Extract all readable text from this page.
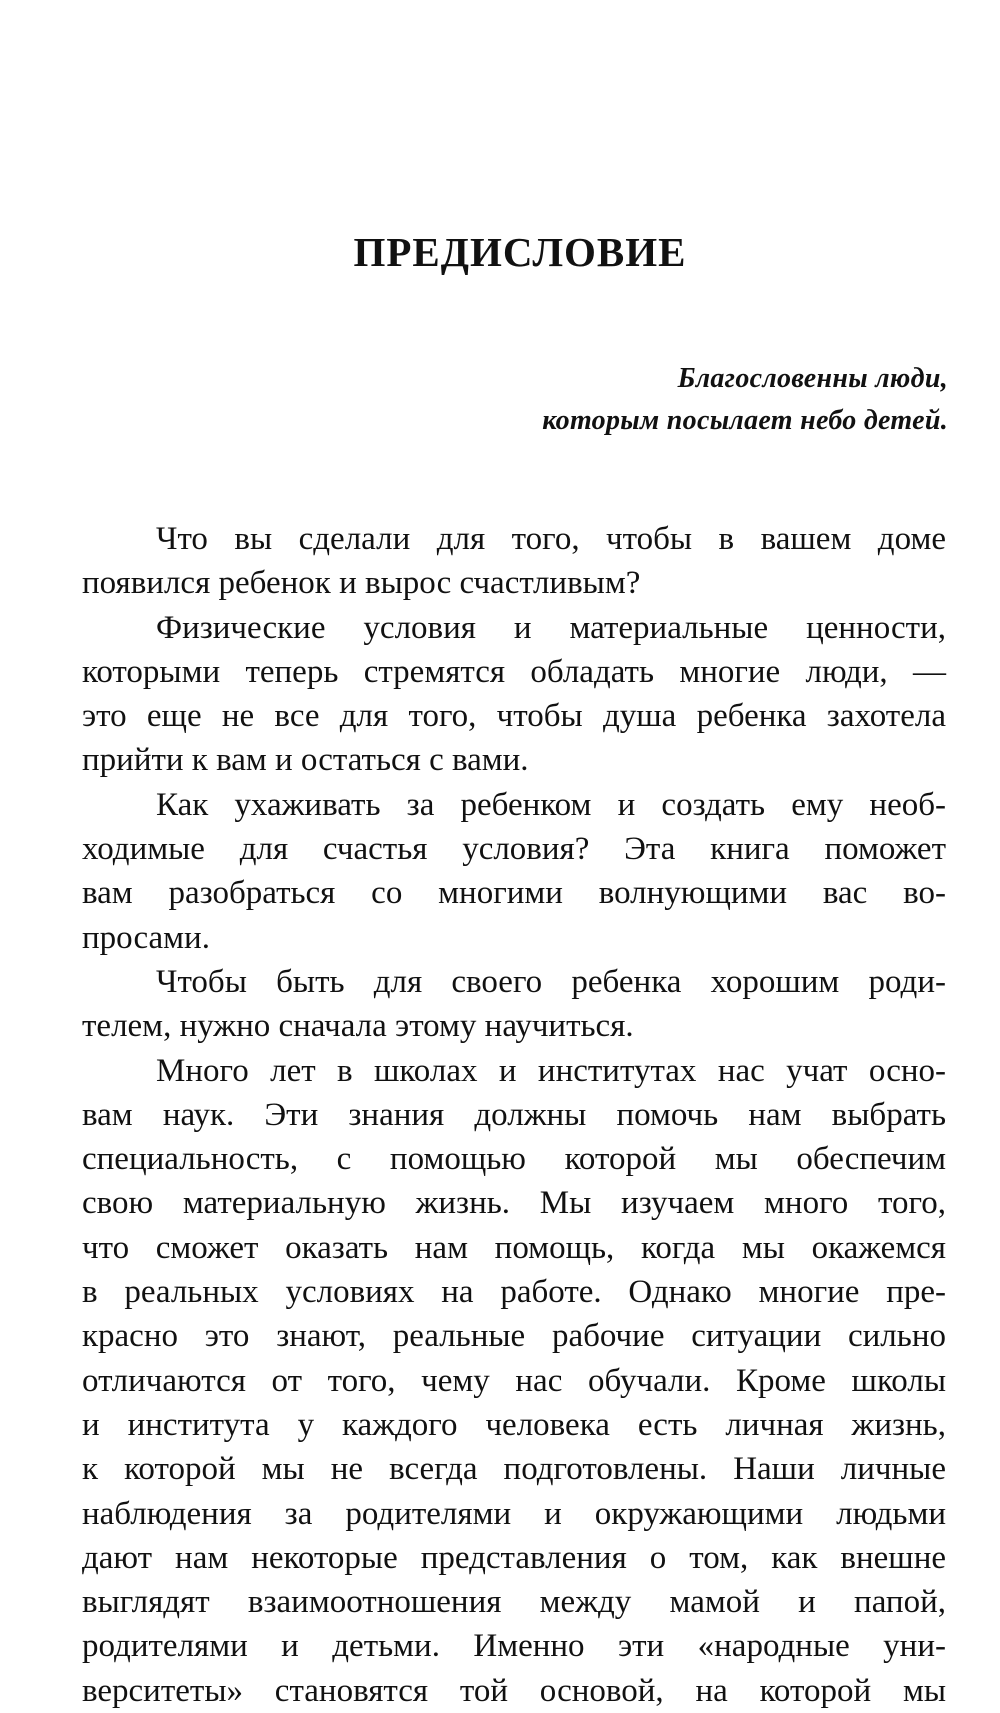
ПРЕДИСЛОВИЕ
Благословенны люди,
которым посылает небо детей.
Что вы сделали для того, чтобы в вашем доме
появился ребенок и вырос счастливым?
Физические условия и материальные ценности,
которыми теперь стремятся обладать многие люди, —
это еще не все для того, чтобы душа ребенка захотела
прийти к вам и остаться с вами.
Как ухаживать за ребенком и создать ему необ-
ходимые для счастья условия? Эта книга поможет
вам разобраться со многими волнующими вас во-
просами.
Чтобы быть для своего ребенка хорошим роди-
телем, нужно сначала этому научиться.
Много лет в школах и институтах нас учат осно-
вам наук. Эти знания должны помочь нам выбрать
специальность, с помощью которой мы обеспечим
свою материальную жизнь. Мы изучаем много того,
что сможет оказать нам помощь, когда мы окажемся
в реальных условиях на работе. Однако многие пре-
красно это знают, реальные рабочие ситуации сильно
отличаются от того, чему нас обучали. Кроме школы
и института у каждого человека есть личная жизнь,
к которой мы не всегда подготовлены. Наши личные
наблюдения за родителями и окружающими людьми
дают нам некоторые представления о том, как внешне
выглядят взаимоотношения между мамой и папой,
родителями и детьми. Именно эти «народные уни-
верситеты» становятся той основой, на которой мы
